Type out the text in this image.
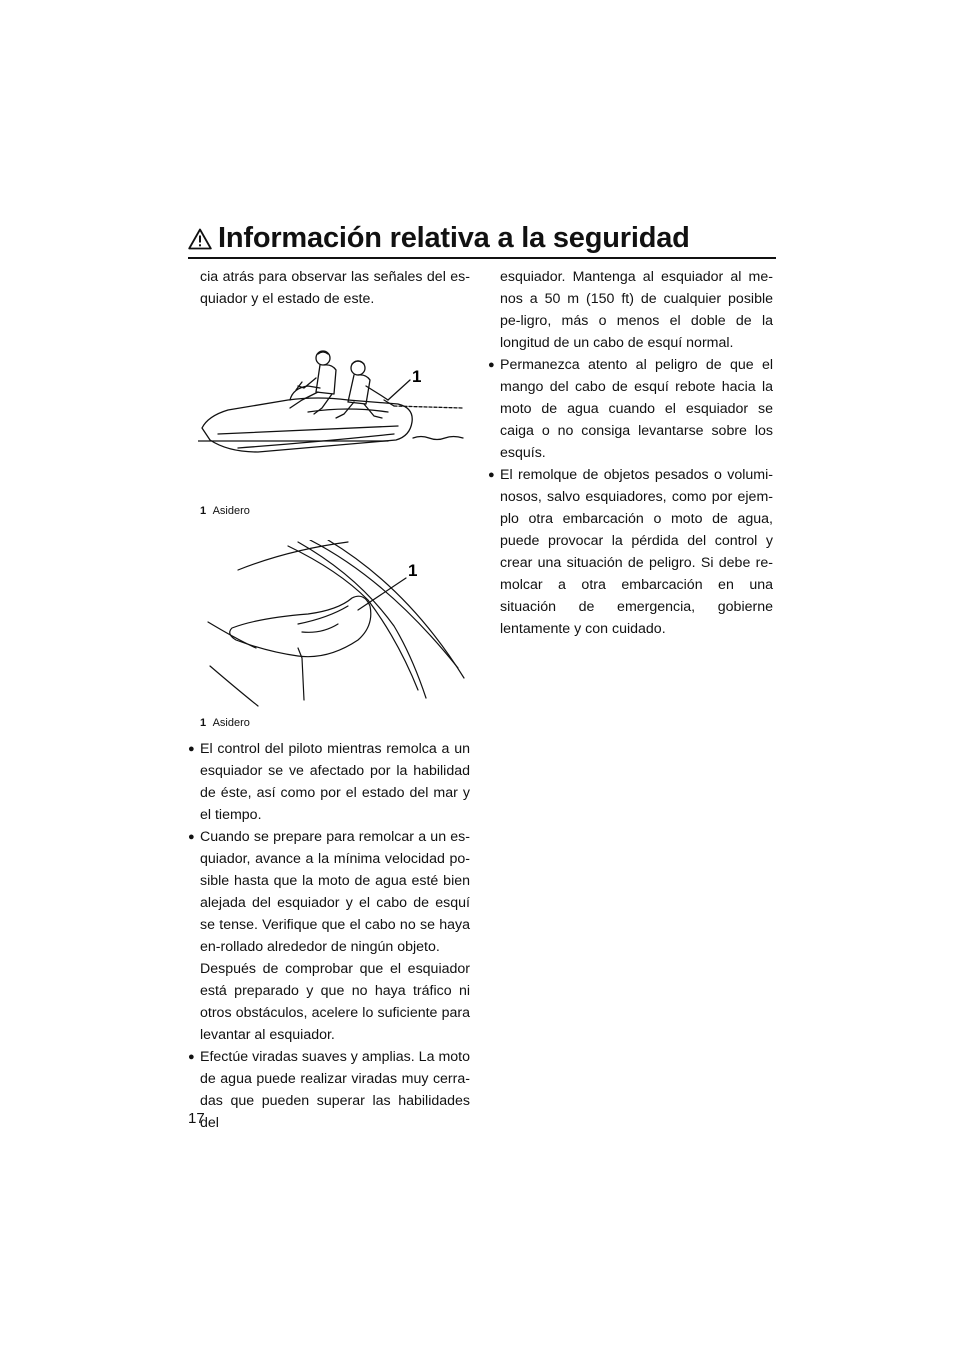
Información relativa a la seguridad

cia atrás para observar las señales del es-quiador y el estado de este.

1
1 Asidero
1
1 Asidero
● El control del piloto mientras remolca a un esquiador se ve afectado por la habilidad de éste, así como por el estado del mar y el tiempo.

● Cuando se prepare para remolcar a un es-quiador, avance a la mínima velocidad po-sible hasta que la moto de agua esté bien alejada del esquiador y el cabo de esquí se tense. Verifique que el cabo no se haya en-rollado alrededor de ningún objeto.

Después de comprobar que el esquiador está preparado y que no haya tráfico ni otros obstáculos, acelere lo suficiente para levantar al esquiador.

● Efectúe viradas suaves y amplias. La moto de agua puede realizar viradas muy cerra-das que pueden superar las habilidades del

esquiador. Mantenga al esquiador al me-nos a 50 m (150 ft) de cualquier posible pe-ligro, más o menos el doble de la longitud de un cabo de esquí normal.

● Permanezca atento al peligro de que el mango del cabo de esquí rebote hacia la moto de agua cuando el esquiador se caiga o no consiga levantarse sobre los esquís.

● El remolque de objetos pesados o volumi-nosos, salvo esquiadores, como por ejem-plo otra embarcación o moto de agua, puede provocar la pérdida del control y crear una situación de peligro. Si debe re-molcar a otra embarcación en una situación de emergencia, gobierne lentamente y con cuidado.

17
